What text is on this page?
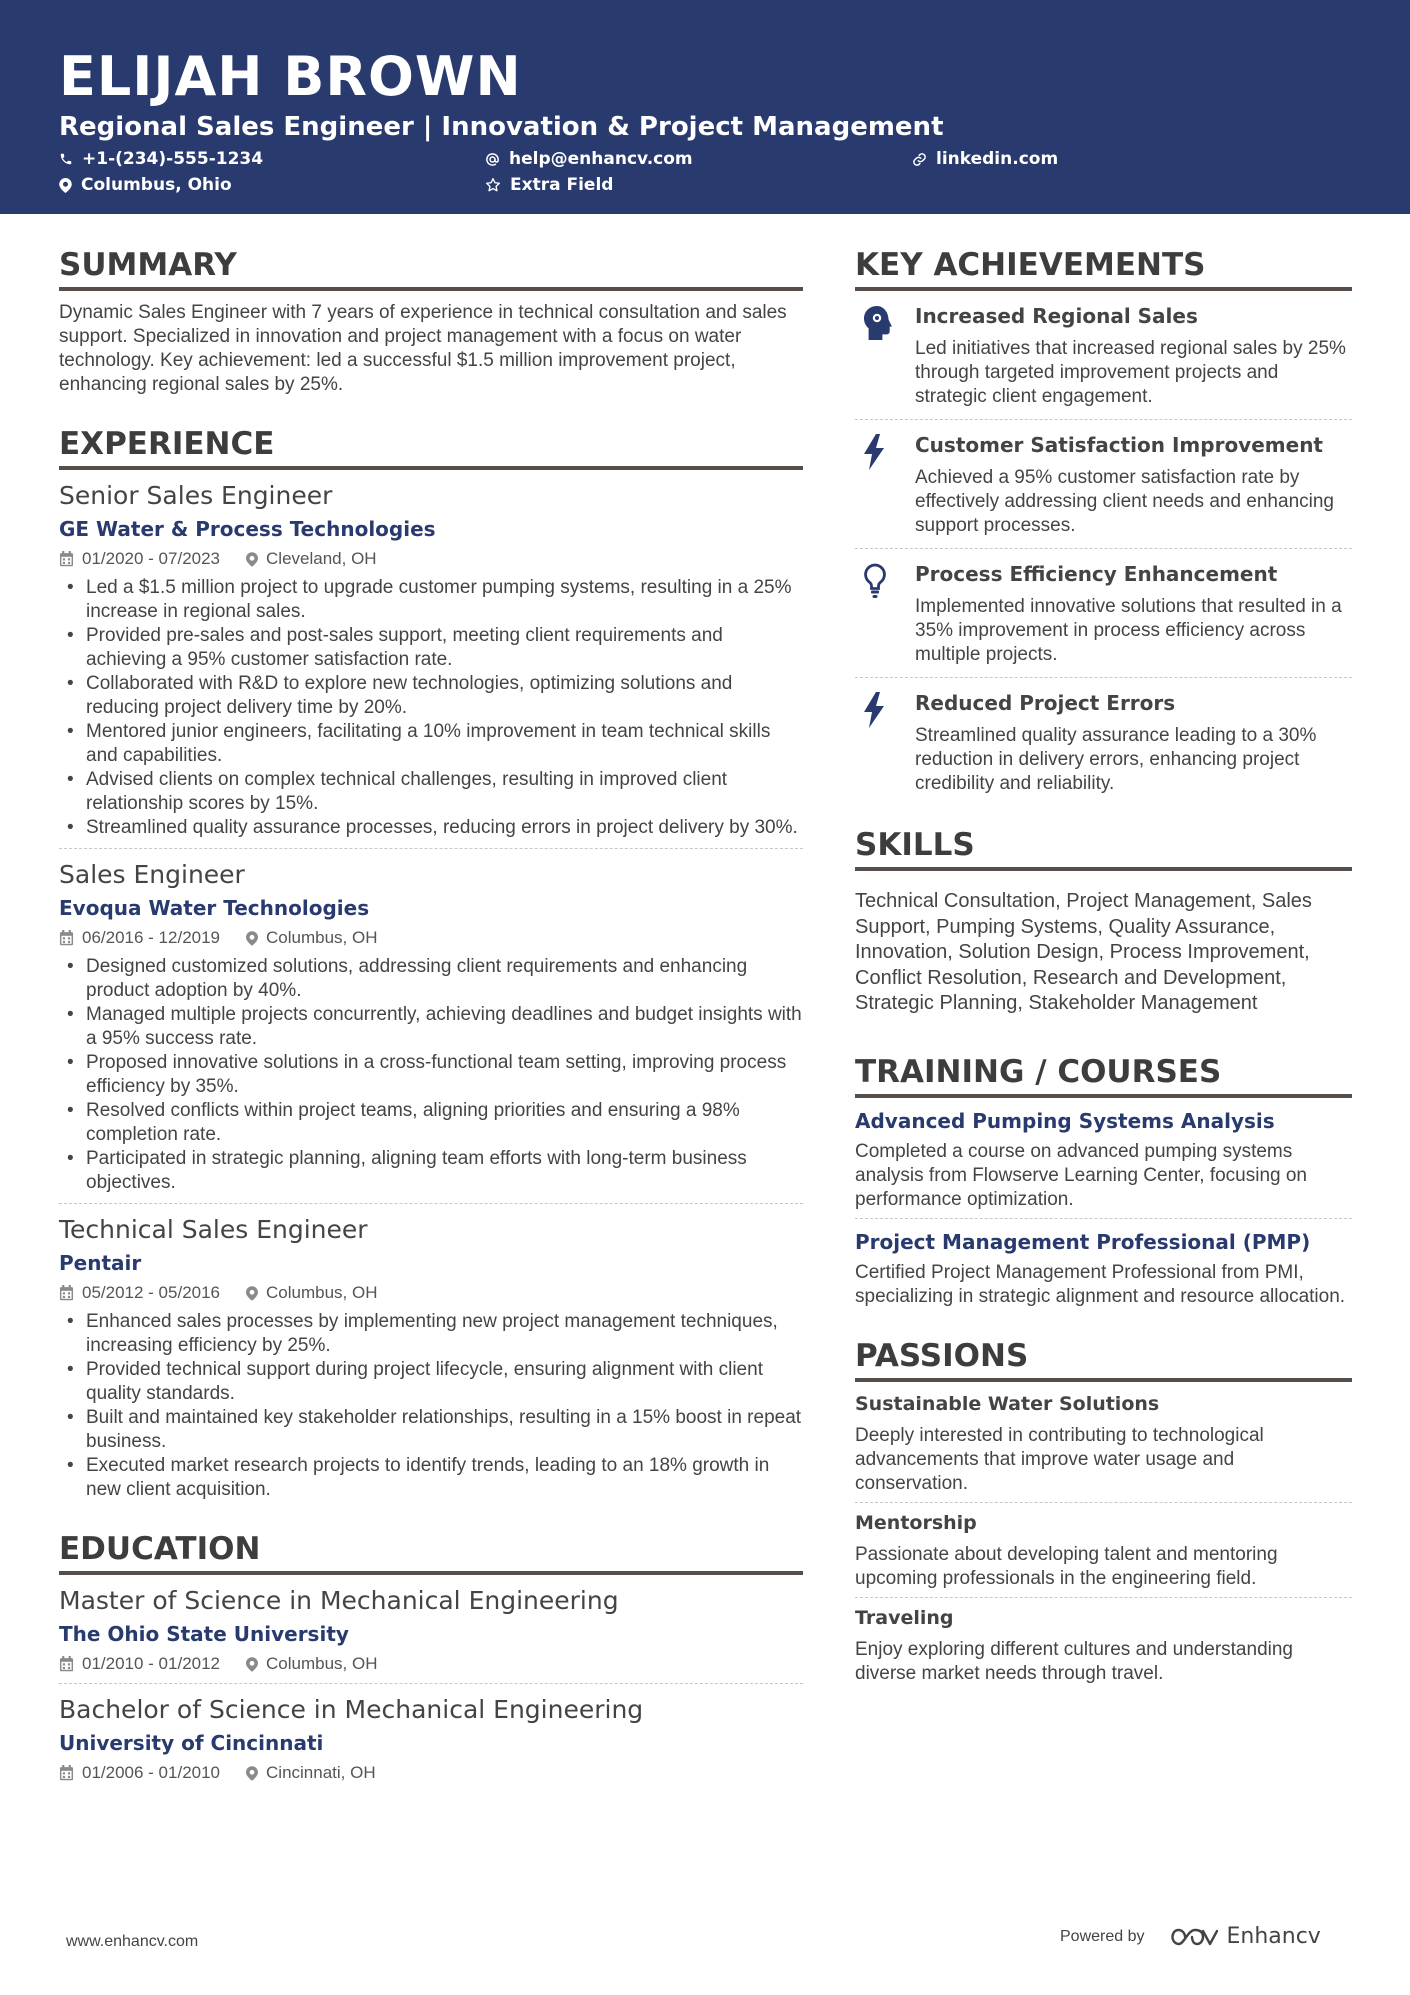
ELIJAH BROWN
Regional Sales Engineer | Innovation & Project Management
+1-(234)-555-1234	help@enhancv.com	linkedin.com
Columbus, Ohio	Extra Field
SUMMARY
Dynamic Sales Engineer with 7 years of experience in technical consultation and sales support. Specialized in innovation and project management with a focus on water technology. Key achievement: led a successful $1.5 million improvement project, enhancing regional sales by 25%.
EXPERIENCE
Senior Sales Engineer
GE Water & Process Technologies
01/2020 - 07/2023	Cleveland, OH
• Led a $1.5 million project to upgrade customer pumping systems, resulting in a 25% increase in regional sales.
• Provided pre-sales and post-sales support, meeting client requirements and achieving a 95% customer satisfaction rate.
• Collaborated with R&D to explore new technologies, optimizing solutions and reducing project delivery time by 20%.
• Mentored junior engineers, facilitating a 10% improvement in team technical skills and capabilities.
• Advised clients on complex technical challenges, resulting in improved client relationship scores by 15%.
• Streamlined quality assurance processes, reducing errors in project delivery by 30%.
Sales Engineer
Evoqua Water Technologies
06/2016 - 12/2019	Columbus, OH
• Designed customized solutions, addressing client requirements and enhancing product adoption by 40%.
• Managed multiple projects concurrently, achieving deadlines and budget insights with a 95% success rate.
• Proposed innovative solutions in a cross-functional team setting, improving process efficiency by 35%.
• Resolved conflicts within project teams, aligning priorities and ensuring a 98% completion rate.
• Participated in strategic planning, aligning team efforts with long-term business objectives.
Technical Sales Engineer
Pentair
05/2012 - 05/2016	Columbus, OH
• Enhanced sales processes by implementing new project management techniques, increasing efficiency by 25%.
• Provided technical support during project lifecycle, ensuring alignment with client quality standards.
• Built and maintained key stakeholder relationships, resulting in a 15% boost in repeat business.
• Executed market research projects to identify trends, leading to an 18% growth in new client acquisition.
EDUCATION
Master of Science in Mechanical Engineering
The Ohio State University
01/2010 - 01/2012	Columbus, OH
Bachelor of Science in Mechanical Engineering
University of Cincinnati
01/2006 - 01/2010	Cincinnati, OH
KEY ACHIEVEMENTS
Increased Regional Sales
Led initiatives that increased regional sales by 25% through targeted improvement projects and strategic client engagement.
Customer Satisfaction Improvement
Achieved a 95% customer satisfaction rate by effectively addressing client needs and enhancing support processes.
Process Efficiency Enhancement
Implemented innovative solutions that resulted in a 35% improvement in process efficiency across multiple projects.
Reduced Project Errors
Streamlined quality assurance leading to a 30% reduction in delivery errors, enhancing project credibility and reliability.
SKILLS
Technical Consultation, Project Management, Sales Support, Pumping Systems, Quality Assurance, Innovation, Solution Design, Process Improvement, Conflict Resolution, Research and Development, Strategic Planning, Stakeholder Management
TRAINING / COURSES
Advanced Pumping Systems Analysis
Completed a course on advanced pumping systems analysis from Flowserve Learning Center, focusing on performance optimization.
Project Management Professional (PMP)
Certified Project Management Professional from PMI, specializing in strategic alignment and resource allocation.
PASSIONS
Sustainable Water Solutions
Deeply interested in contributing to technological advancements that improve water usage and conservation.
Mentorship
Passionate about developing talent and mentoring upcoming professionals in the engineering field.
Traveling
Enjoy exploring different cultures and understanding diverse market needs through travel.
www.enhancv.com	Powered by	Enhancv
